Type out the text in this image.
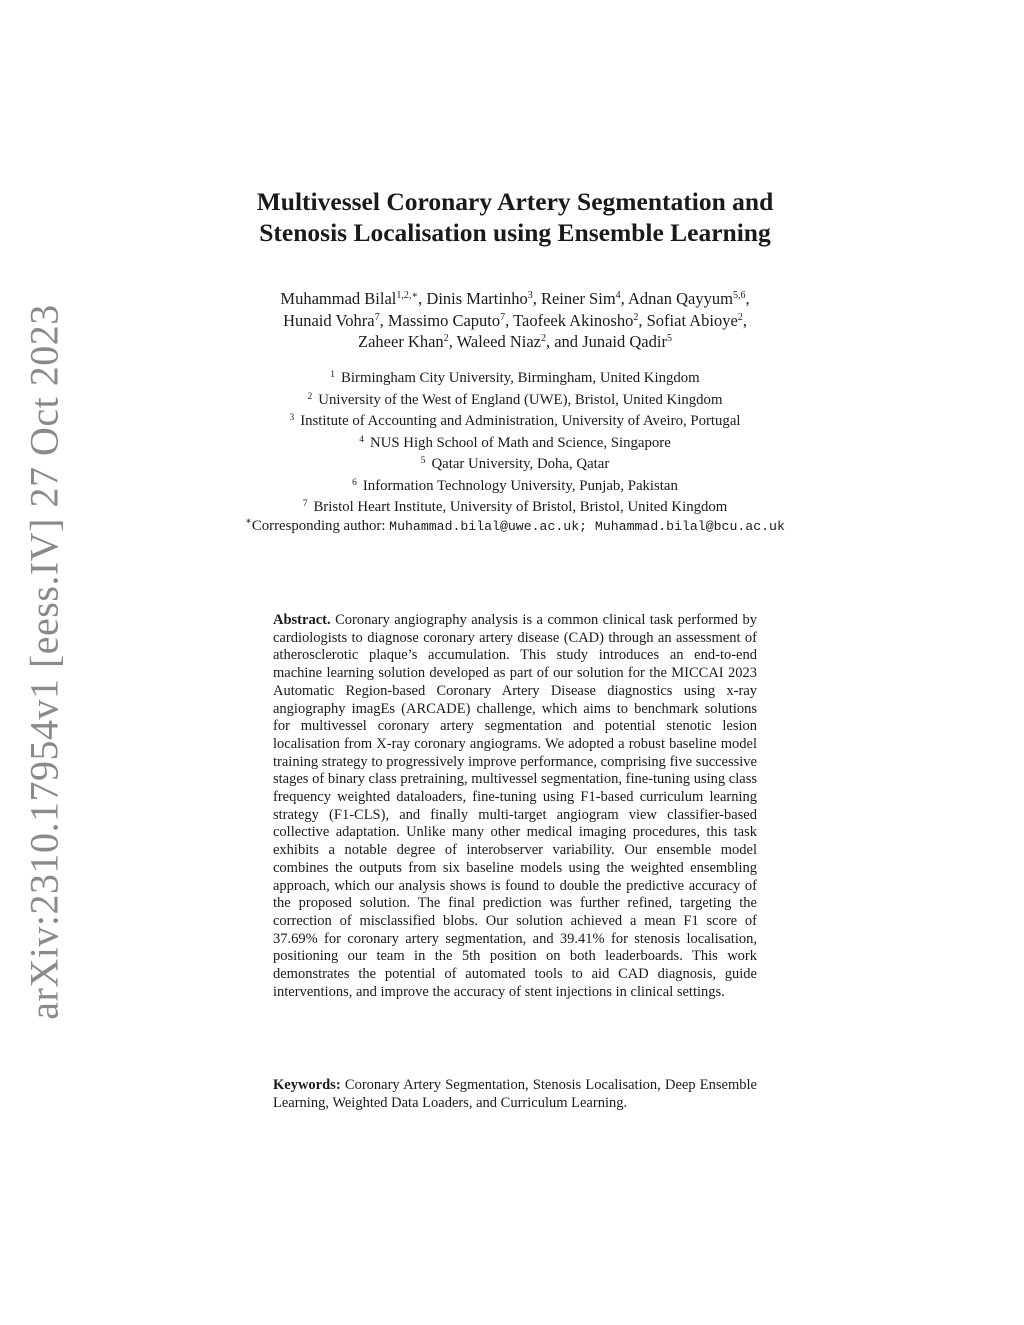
arXiv:2310.17954v1 [eess.IV] 27 Oct 2023
Multivessel Coronary Artery Segmentation and
Stenosis Localisation using Ensemble Learning
Muhammad Bilal$^{1,2,∗}$, Dinis Martinho$^3$, Reiner Sim$^4$, Adnan Qayyum$^{5,6}$,
Hunaid Vohra$^7$, Massimo Caputo$^7$, Taofeek Akinosho$^2$, Sofiat Abioye$^2$,
Zaheer Khan$^2$, Waleed Niaz$^2$, and Junaid Qadir$^5$
$^1$ Birmingham City University, Birmingham, United Kingdom
$^2$ University of the West of England (UWE), Bristol, United Kingdom
$^3$ Institute of Accounting and Administration, University of Aveiro, Portugal
$^4$ NUS High School of Math and Science, Singapore
$^5$ Qatar University, Doha, Qatar
$^6$ Information Technology University, Punjab, Pakistan
$^7$ Bristol Heart Institute, University of Bristol, Bristol, United Kingdom
∗Corresponding author: Muhammad.bilal@uwe.ac.uk; Muhammad.bilal@bcu.ac.uk
Abstract. Coronary angiography analysis is a common clinical task performed by cardiologists to diagnose coronary artery disease (CAD) through an assessment of atherosclerotic plaque’s accumulation. This study introduces an end-to-end machine learning solution developed as part of our solution for the MICCAI 2023 Automatic Region-based Coronary Artery Disease diagnostics using x-ray angiography imagEs (ARCADE) challenge, which aims to benchmark solutions for multivessel coronary artery segmentation and potential stenotic lesion localisation from X-ray coronary angiograms. We adopted a robust baseline model training strategy to progressively improve performance, comprising five successive stages of binary class pretraining, multivessel segmentation, fine-tuning using class frequency weighted dataloaders, fine-tuning using F1-based curriculum learning strategy (F1-CLS), and finally multi-target angiogram view classifier-based collective adaptation. Unlike many other medical imaging procedures, this task exhibits a notable degree of interobserver variability. Our ensemble model combines the outputs from six baseline models using the weighted ensembling approach, which our analysis shows is found to double the predictive accuracy of the proposed solution. The final prediction was further refined, targeting the correction of misclassified blobs. Our solution achieved a mean F1 score of 37.69% for coronary artery segmentation, and 39.41% for stenosis localisation, positioning our team in the 5th position on both leaderboards. This work demonstrates the potential of automated tools to aid CAD diagnosis, guide interventions, and improve the accuracy of stent injections in clinical settings.
Keywords: Coronary Artery Segmentation, Stenosis Localisation, Deep Ensemble Learning, Weighted Data Loaders, and Curriculum Learning.
